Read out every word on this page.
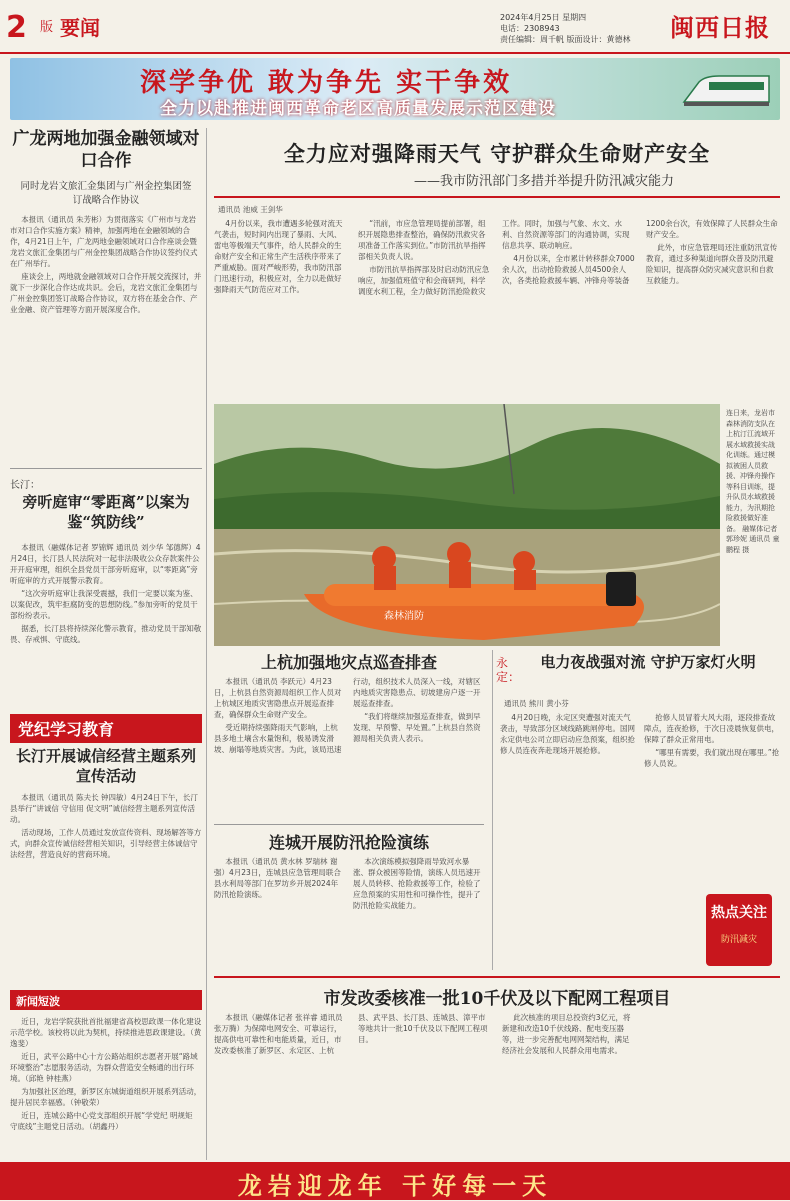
2 版 要闻	2024年4月25日 星期四
电话：2308943
责任编辑：周千帆 版面设计：黄德林	闽西日报
深学争优 敢为争先 实干争效
全力以赴推进闽西革命老区高质量发展示范区建设
广龙两地加强金融领域对口合作
同时龙岩文旅汇金集团与广州金控集团签订战略合作协议

本报讯（通讯员 朱芳彬）为贯彻落实《广州市与龙岩市对口合作实施方案》精神，加强两地在金融领域的合作，4月21日上午，广龙两地金融领域对口合作座谈会暨龙岩文旅汇金集团与广州金控集团战略合作协议签约仪式在广州举行。

座谈会上，两地就金融领域对口合作开展交流探讨，并就下一步深化合作达成共识。会后，龙岩文旅汇金集团与广州金控集团签订战略合作协议，双方将在基金合作、产业金融、资产管理等方面开展深度合作。

长汀：
旁听庭审“零距离”以案为鉴“筑防线”

本报讯（融媒体记者 罗锦辉 通讯员 刘少华 邹德辉）4月24日，长汀县人民法院对一起非法吸收公众存款案件公开开庭审理，组织全县党员干部旁听庭审，以“零距离”旁听庭审的方式开展警示教育。

“这次旁听庭审让我深受震撼，我们一定要以案为鉴、以案促改，筑牢拒腐防变的思想防线。”参加旁听的党员干部纷纷表示。

据悉，长汀县将持续深化警示教育，推动党员干部知敬畏、存戒惧、守底线。

党纪学习教育
长汀开展诚信经营主题系列宣传活动

本报讯（通讯员 陈夫长 钟四敏）4月24日下午，长汀县举行“讲诚信 守信用 促文明”诚信经营主题系列宣传活动。

活动现场，工作人员通过发放宣传资料、现场解答等方式，向群众宣传诚信经营相关知识，引导经营主体诚信守法经营，营造良好的营商环境。

新闻短波

近日，龙岩学院获批首批福建省高校思政课一体化建设示范学校。该校将以此为契机，持续推进思政课建设。（黄逸斐）

近日，武平公路中心十方公路站组织志愿者开展“路域环境整治”志愿服务活动，为群众营造安全畅通的出行环境。（邱艳 钟桂燕）

为加强社区治理，新罗区东城街道组织开展系列活动，提升居民幸福感。（钟敬荣）

近日，连城公路中心党支部组织开展“学党纪 明规矩 守底线”主题党日活动。（胡鑫丹）

全力应对强降雨天气 守护群众生命财产安全
——我市防汛部门多措并举提升防汛减灾能力
通讯员 池威 王剑华

4月份以来，我市遭遇多轮强对流天气袭击，短时间内出现了暴雨、大风、雷电等极端天气事件，给人民群众的生命财产安全和正常生产生活秩序带来了严重威胁。面对严峻形势，我市防汛部门迅速行动，积极应对，全力以赴做好强降雨天气防范应对工作。

“汛前，市应急管理局提前部署，组织开展隐患排查整治，确保防汛救灾各项准备工作落实到位。”市防汛抗旱指挥部相关负责人说。

市防汛抗旱指挥部及时启动防汛应急响应，加强值班值守和会商研判，科学调度水利工程，全力做好防汛抢险救灾工作。同时，加强与气象、水文、水利、自然资源等部门的沟通协调，实现信息共享、联动响应。

4月份以来，全市累计转移群众7000余人次，出动抢险救援人员4500余人次，各类抢险救援车辆、冲锋舟等装备1200余台次，有效保障了人民群众生命财产安全。

此外，市应急管理局还注重防汛宣传教育，通过多种渠道向群众普及防汛避险知识，提高群众防灾减灾意识和自救互救能力。

森林消防
连日来，龙岩市森林消防支队在上杭汀江流域开展水域救援实战化训练。通过模拟被困人员救援、冲锋舟操作等科目训练，提升队员水域救援能力，为汛期抢险救援做好准备。 融媒体记者 郭珍妮 通讯员 童鹏程 摄
上杭加强地灾点巡查排查

本报讯（通讯员 李跃元）4月23日，上杭县自然资源局组织工作人员对上杭城区地质灾害隐患点开展巡查排查，确保群众生命财产安全。

受近期持续强降雨天气影响，上杭县多地土壤含水量饱和，极易诱发滑坡、崩塌等地质灾害。为此，该局迅速行动，组织技术人员深入一线，对辖区内地质灾害隐患点、切坡建房户逐一开展巡查排查。

“我们将继续加强巡查排查，做到早发现、早预警、早处置。”上杭县自然资源局相关负责人表示。

连城开展防汛抢险演练

本报讯（通讯员 黄水林 罗瑞林 谢强）4月23日，连城县应急管理局联合县水利局等部门在罗坊乡开展2024年防汛抢险演练。

本次演练模拟强降雨导致河水暴涨、群众被困等险情，演练人员迅速开展人员转移、抢险救援等工作，检验了应急预案的实用性和可操作性，提升了防汛抢险实战能力。

永定：
电力夜战强对流 守护万家灯火明
通讯员 熊川 黄小芬

4月20日晚，永定区突遭强对流天气袭击，导致部分区域线路跳闸停电。国网永定供电公司立即启动应急预案，组织抢修人员连夜奔赴现场开展抢修。

抢修人员冒着大风大雨，逐段排查故障点，连夜抢修，于次日凌晨恢复供电，保障了群众正常用电。

“哪里有需要，我们就出现在哪里。”抢修人员说。

热点关注
防汛减灾
市发改委核准一批10千伏及以下配网工程项目

本报讯（融媒体记者 张祥睿 通讯员 张万腾）为保障电网安全、可靠运行，提高供电可靠性和电能质量，近日，市发改委核准了新罗区、永定区、上杭县、武平县、长汀县、连城县、漳平市等地共计一批10千伏及以下配网工程项目。

此次核准的项目总投资约3亿元，将新建和改造10千伏线路、配电变压器等，进一步完善配电网网架结构，满足经济社会发展和人民群众用电需求。

龙岩迎龙年 干好每一天
